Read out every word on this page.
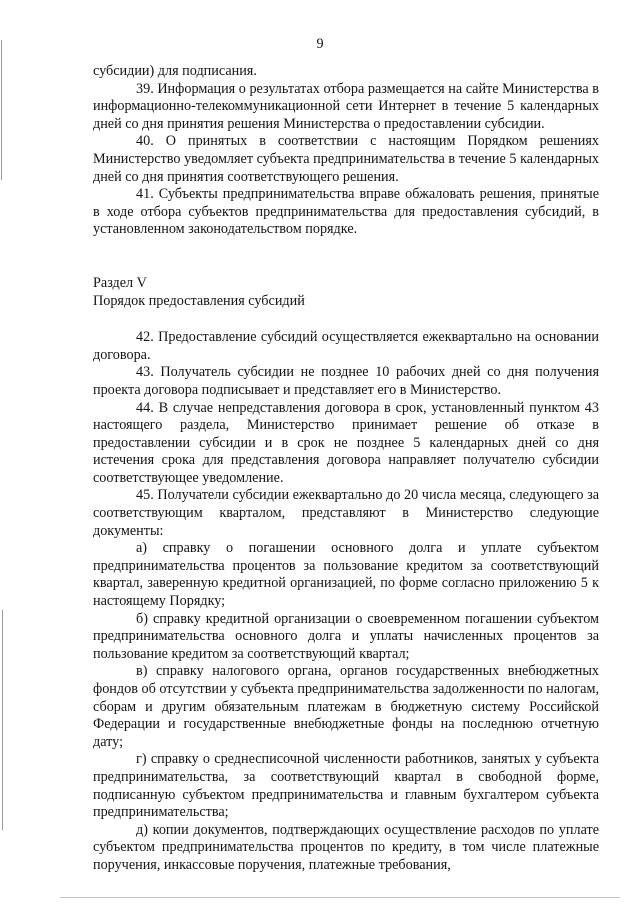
9

субсидии) для подписания.

39. Информация о результатах отбора размещается на сайте Министерства в информационно-телекоммуникационной сети Интернет в течение 5 календарных дней со дня принятия решения Министерства о предоставлении субсидии.

40. О принятых в соответствии с настоящим Порядком решениях Министерство уведомляет субъекта предпринимательства в течение 5 календарных дней со дня принятия соответствующего решения.

41. Субъекты предпринимательства вправе обжаловать решения, принятые в ходе отбора субъектов предпринимательства для предоставления субсидий, в установленном законодательством порядке.

Раздел V

Порядок предоставления субсидий

42. Предоставление субсидий осуществляется ежеквартально на основании договора.

43. Получатель субсидии не позднее 10 рабочих дней со дня получения проекта договора подписывает и представляет его в Министерство.

44. В случае непредставления договора в срок, установленный пунктом 43 настоящего раздела, Министерство принимает решение об отказе в предоставлении субсидии и в срок не позднее 5 календарных дней со дня истечения срока для представления договора направляет получателю субсидии соответствующее уведомление.

45. Получатели субсидии ежеквартально до 20 числа месяца, следующего за соответствующим кварталом, представляют в Министерство следующие документы:

а) справку о погашении основного долга и уплате субъектом предпринимательства процентов за пользование кредитом за соответствующий квартал, заверенную кредитной организацией, по форме согласно приложению 5 к настоящему Порядку;

б) справку кредитной организации о своевременном погашении субъектом предпринимательства основного долга и уплаты начисленных процентов за пользование кредитом за соответствующий квартал;

в) справку налогового органа, органов государственных внебюджетных фондов об отсутствии у субъекта предпринимательства задолженности по налогам, сборам и другим обязательным платежам в бюджетную систему Российской Федерации и государственные внебюджетные фонды на последнюю отчетную дату;

г) справку о среднесписочной численности работников, занятых у субъекта предпринимательства, за соответствующий квартал в свободной форме, подписанную субъектом предпринимательства и главным бухгалтером субъекта предпринимательства;

д) копии документов, подтверждающих осуществление расходов по уплате субъектом предпринимательства процентов по кредиту, в том числе платежные поручения, инкассовые поручения, платежные требования,
